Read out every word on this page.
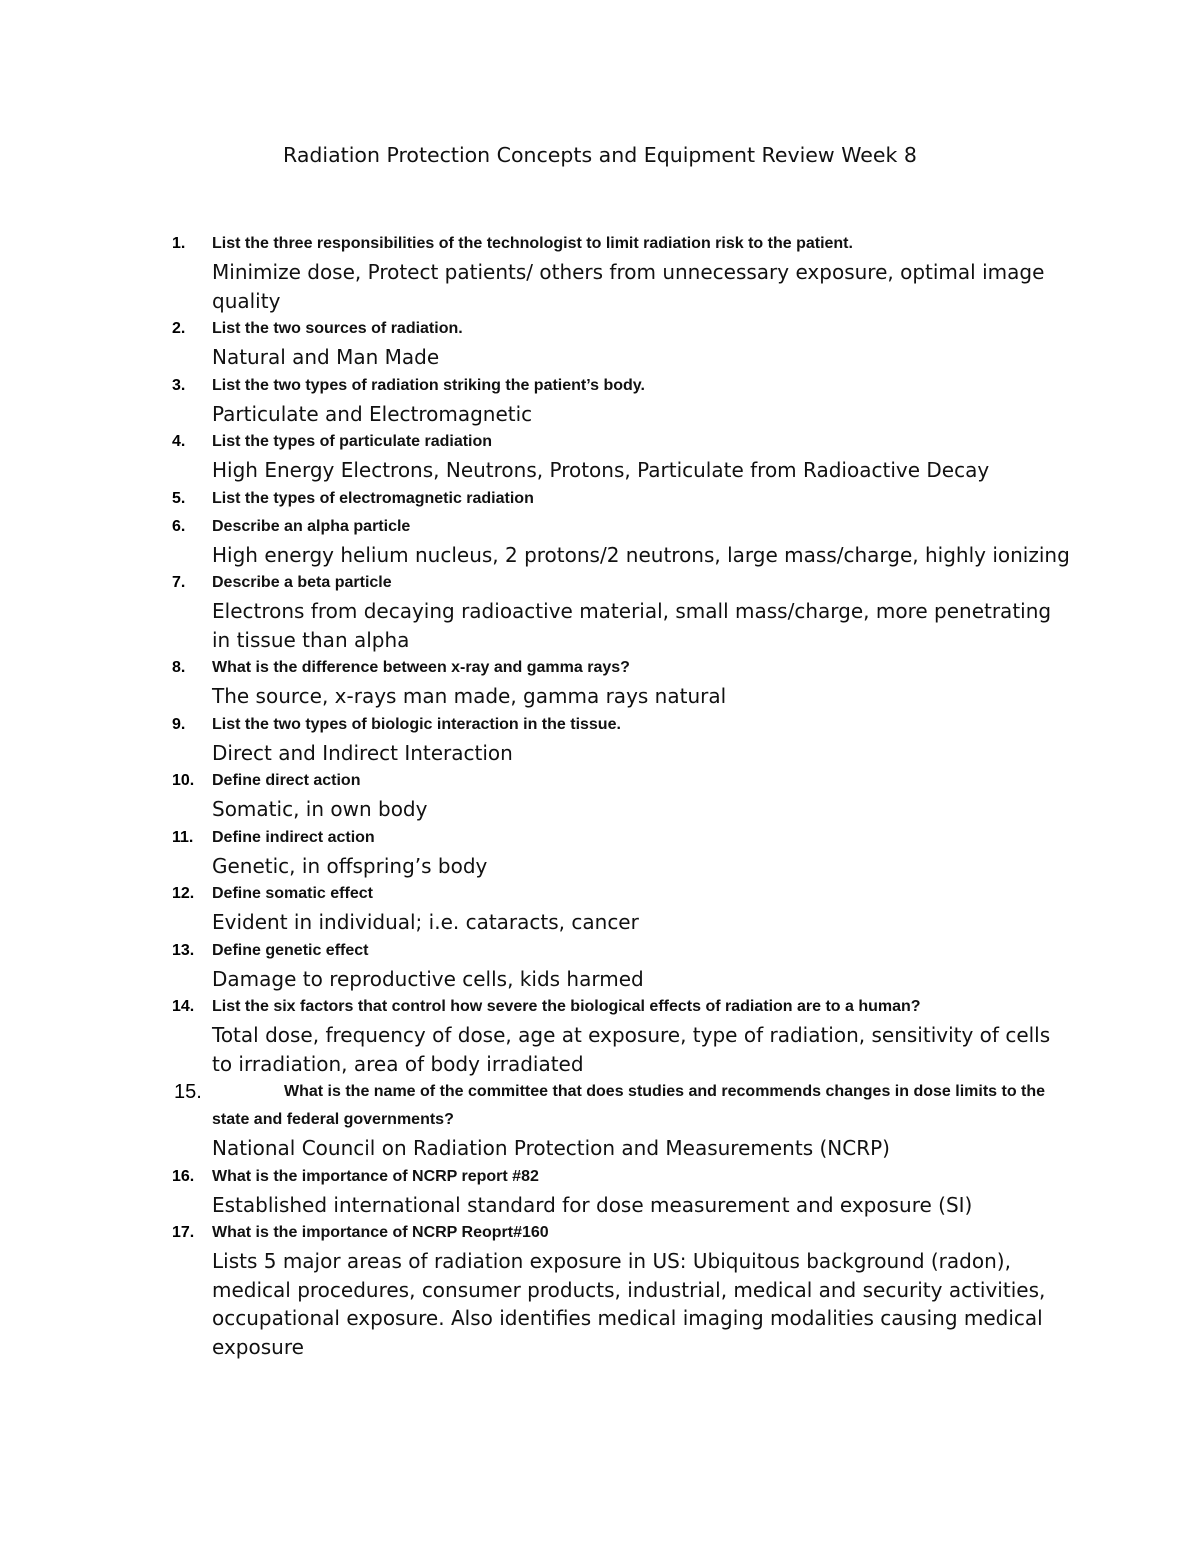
Radiation Protection Concepts and Equipment Review Week 8
1.	List the three responsibilities of the technologist to limit radiation risk to the patient.
Minimize dose, Protect patients/ others from unnecessary exposure, optimal image quality
2.	List the two sources of radiation.
Natural and Man Made
3.	List the two types of radiation striking the patient’s body.
Particulate and Electromagnetic
4.	List the types of particulate radiation
High Energy Electrons, Neutrons, Protons, Particulate from Radioactive Decay
5.	List the types of electromagnetic radiation
6.	Describe an alpha particle
High energy helium nucleus, 2 protons/2 neutrons, large mass/charge, highly ionizing
7.	Describe a beta particle
Electrons from decaying radioactive material, small mass/charge, more penetrating in tissue than alpha
8.	What is the difference between x-ray and gamma rays?
The source, x-rays man made, gamma rays natural
9.	List the two types of biologic interaction in the tissue.
Direct and Indirect Interaction
10.	Define direct action
Somatic, in own body
11.	Define indirect action
Genetic, in offspring’s body
12.	Define somatic effect
Evident in individual; i.e. cataracts, cancer
13.	Define genetic effect
Damage to reproductive cells, kids harmed
14.	List the six factors that control how severe the biological effects of radiation are to a human?
Total dose, frequency of dose, age at exposure, type of radiation, sensitivity of cells to irradiation, area of body irradiated
15.	What is the name of the committee that does studies and recommends changes in dose limits to the state and federal governments?
National Council on Radiation Protection and Measurements (NCRP)
16.	What is the importance of NCRP report #82
Established international standard for dose measurement and exposure (SI)
17.	What is the importance of NCRP Reoprt#160
Lists 5 major areas of radiation exposure in US: Ubiquitous background (radon), medical procedures, consumer products, industrial, medical and security activities, occupational exposure. Also identifies medical imaging modalities causing medical exposure
